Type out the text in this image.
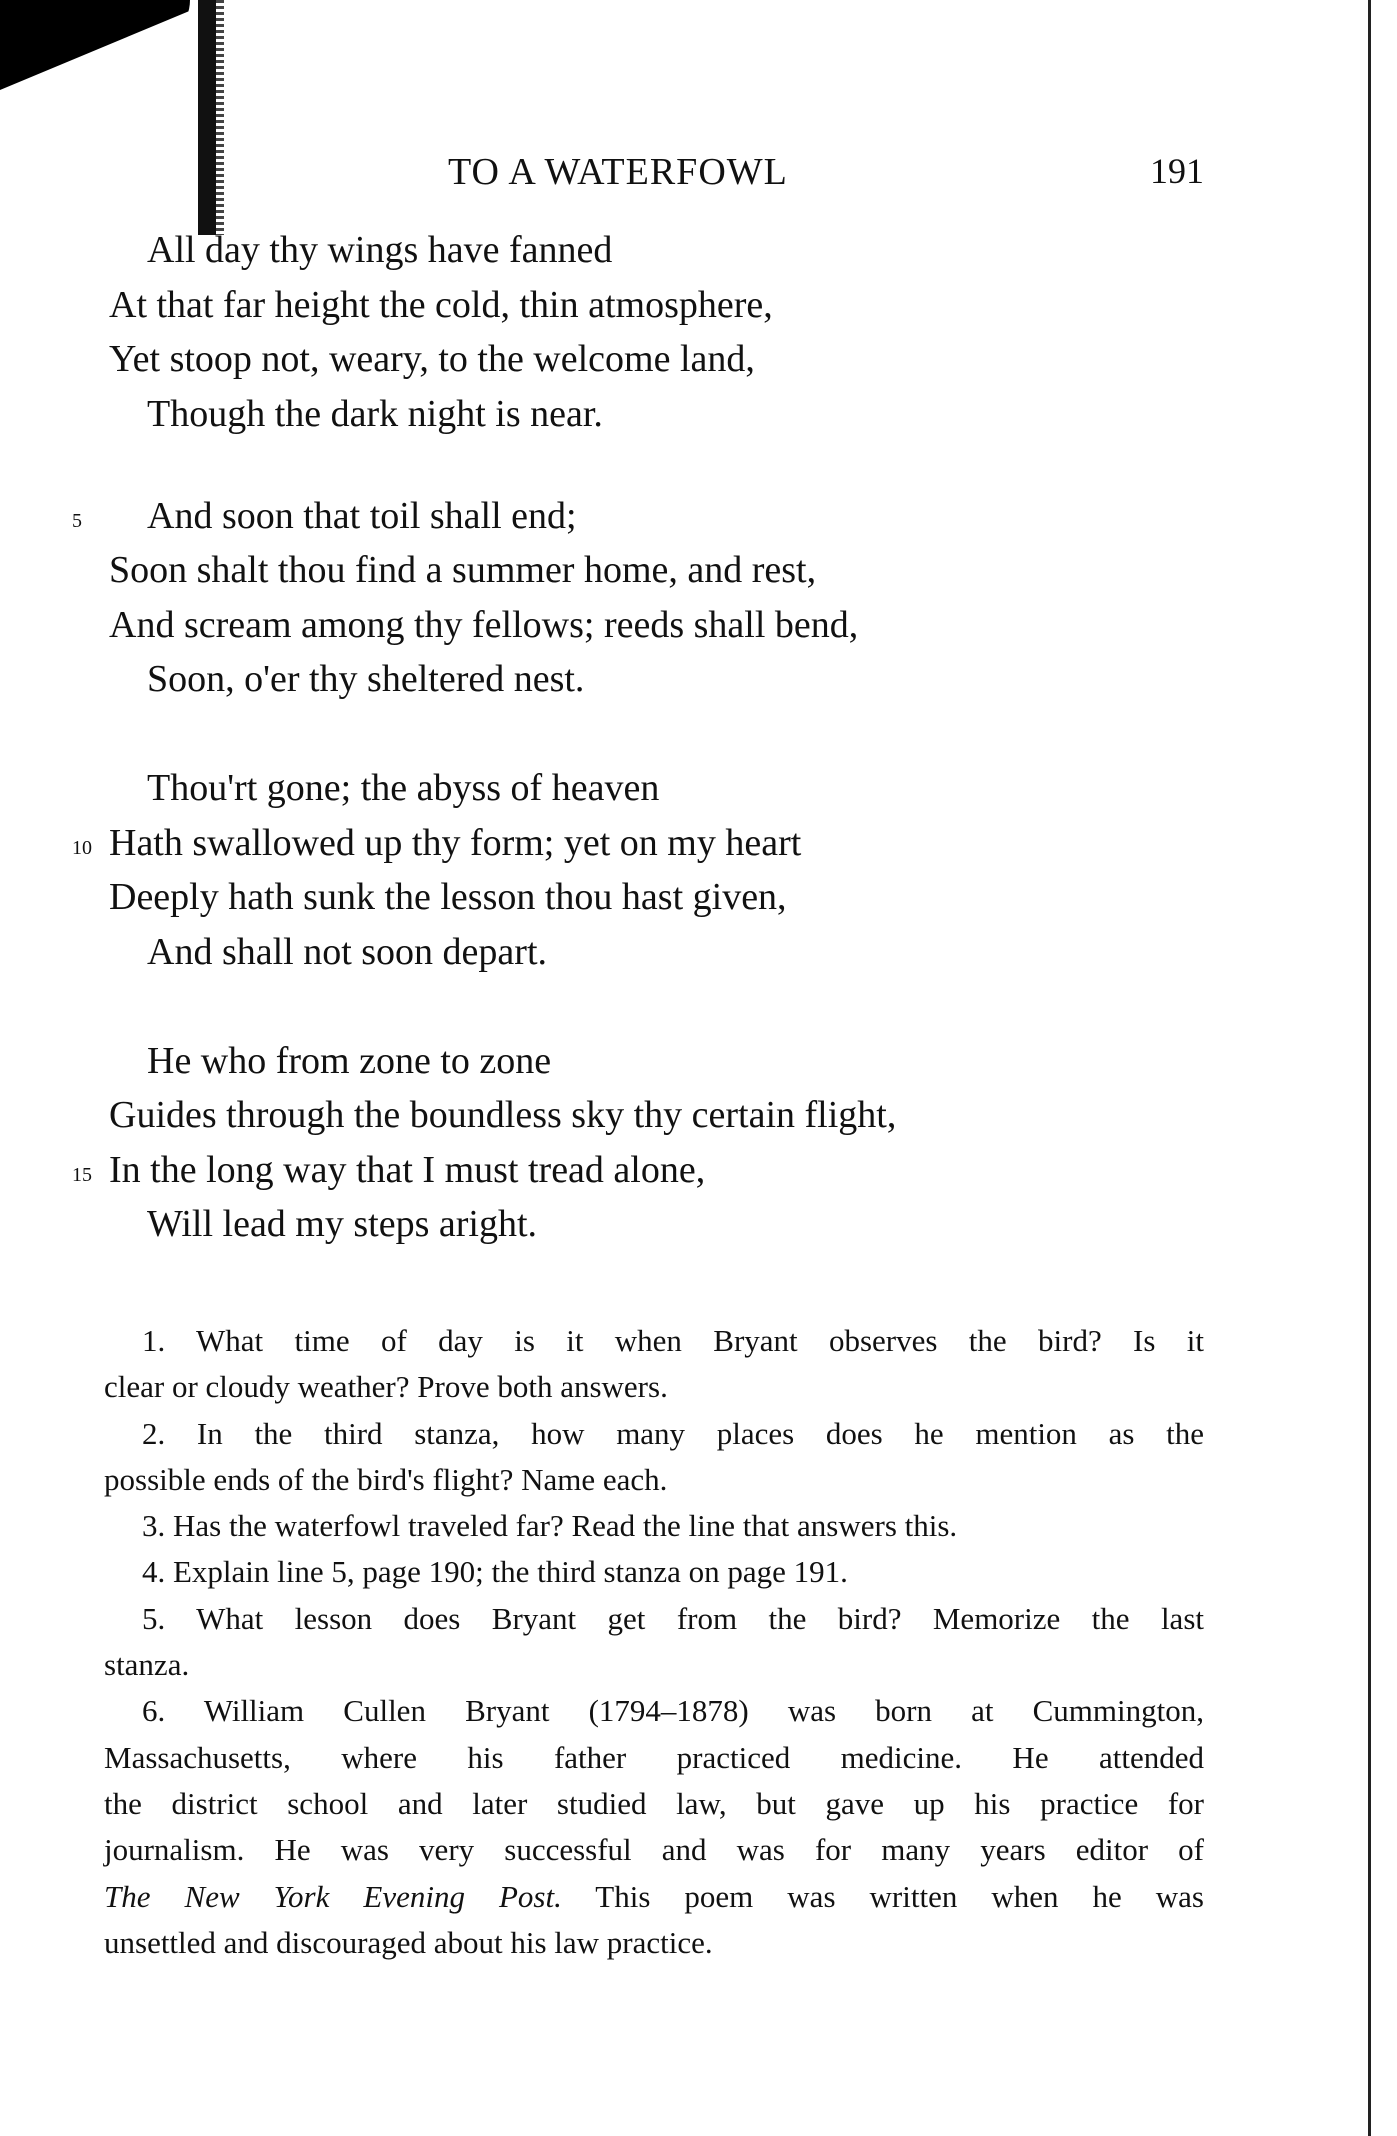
TO A WATERFOWL	191
All day thy wings have fanned
At that far height the cold, thin atmosphere,
Yet stoop not, weary, to the welcome land,
Though the dark night is near.
And soon that toil shall end;
5
Soon shalt thou find a summer home, and rest,
And scream among thy fellows; reeds shall bend,
Soon, o'er thy sheltered nest.
Thou'rt gone; the abyss of heaven
Hath swallowed up thy form; yet on my heart
10
Deeply hath sunk the lesson thou hast given,
And shall not soon depart.
He who from zone to zone
Guides through the boundless sky thy certain flight,
In the long way that I must tread alone,
15
Will lead my steps aright.
1. What time of day is it when Bryant observes the bird? Is it
clear or cloudy weather? Prove both answers.
2. In the third stanza, how many places does he mention as the
possible ends of the bird's flight? Name each.
3. Has the waterfowl traveled far? Read the line that answers this.
4. Explain line 5, page 190; the third stanza on page 191.
5. What lesson does Bryant get from the bird? Memorize the last
stanza.
6. William Cullen Bryant (1794–1878) was born at Cummington,
Massachusetts, where his father practiced medicine. He attended
the district school and later studied law, but gave up his practice for
journalism. He was very successful and was for many years editor of
The New York Evening Post. This poem was written when he was
unsettled and discouraged about his law practice.
